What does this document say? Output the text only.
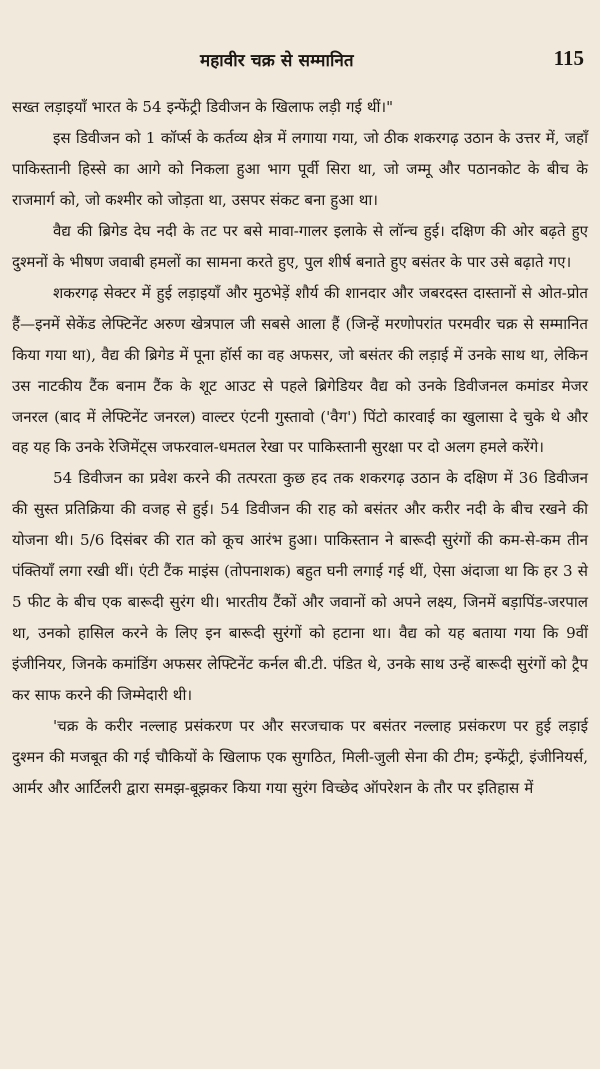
महावीर चक्र से सम्मानित	115

सख्त लड़ाइयाँ भारत के 54 इन्फेंट्री डिवीजन के खिलाफ लड़ी गई थीं।"

इस डिवीजन को 1 कॉर्प्स के कर्तव्य क्षेत्र में लगाया गया, जो ठीक शकरगढ़ उठान के उत्तर में, जहाँ पाकिस्तानी हिस्से का आगे को निकला हुआ भाग पूर्वी सिरा था, जो जम्मू और पठानकोट के बीच के राजमार्ग को, जो कश्मीर को जोड़ता था, उसपर संकट बना हुआ था।

वैद्य की ब्रिगेड देघ नदी के तट पर बसे मावा-गालर इलाके से लॉन्च हुई। दक्षिण की ओर बढ़ते हुए दुश्मनों के भीषण जवाबी हमलों का सामना करते हुए, पुल शीर्ष बनाते हुए बसंतर के पार उसे बढ़ाते गए।

शकरगढ़ सेक्टर में हुई लड़ाइयाँ और मुठभेड़ें शौर्य की शानदार और जबरदस्त दास्तानों से ओत-प्रोत हैं—इनमें सेकेंड लेफ्टिनेंट अरुण खेत्रपाल जी सबसे आला हैं (जिन्हें मरणोपरांत परमवीर चक्र से सम्मानित किया गया था), वैद्य की ब्रिगेड में पूना हॉर्स का वह अफसर, जो बसंतर की लड़ाई में उनके साथ था, लेकिन उस नाटकीय टैंक बनाम टैंक के शूट आउट से पहले ब्रिगेडियर वैद्य को उनके डिवीजनल कमांडर मेजर जनरल (बाद में लेफ्टिनेंट जनरल) वाल्टर एंटनी गुस्तावो ('वैग') पिंटो कारवाई का खुलासा दे चुके थे और वह यह कि उनके रेजिमेंट्स जफरवाल-धमतल रेखा पर पाकिस्तानी सुरक्षा पर दो अलग हमले करेंगे।

54 डिवीजन का प्रवेश करने की तत्परता कुछ हद तक शकरगढ़ उठान के दक्षिण में 36 डिवीजन की सुस्त प्रतिक्रिया की वजह से हुई। 54 डिवीजन की राह को बसंतर और करीर नदी के बीच रखने की योजना थी। 5/6 दिसंबर की रात को कूच आरंभ हुआ। पाकिस्तान ने बारूदी सुरंगों की कम-से-कम तीन पंक्तियाँ लगा रखी थीं। एंटी टैंक माइंस (तोपनाशक) बहुत घनी लगाई गई थीं, ऐसा अंदाजा था कि हर 3 से 5 फीट के बीच एक बारूदी सुरंग थी। भारतीय टैंकों और जवानों को अपने लक्ष्य, जिनमें बड़ापिंड-जरपाल था, उनको हासिल करने के लिए इन बारूदी सुरंगों को हटाना था। वैद्य को यह बताया गया कि 9वीं इंजीनियर, जिनके कमांडिंग अफसर लेफ्टिनेंट कर्नल बी.टी. पंडित थे, उनके साथ उन्हें बारूदी सुरंगों को ट्रैप कर साफ करने की जिम्मेदारी थी।

'चक्र के करीर नल्लाह प्रसंकरण पर और सरजचाक पर बसंतर नल्लाह प्रसंकरण पर हुई लड़ाई दुश्मन की मजबूत की गई चौकियों के खिलाफ एक सुगठित, मिली-जुली सेना की टीम; इन्फेंट्री, इंजीनियर्स, आर्मर और आर्टिलरी द्वारा समझ-बूझकर किया गया सुरंग विच्छेद ऑपरेशन के तौर पर इतिहास में
